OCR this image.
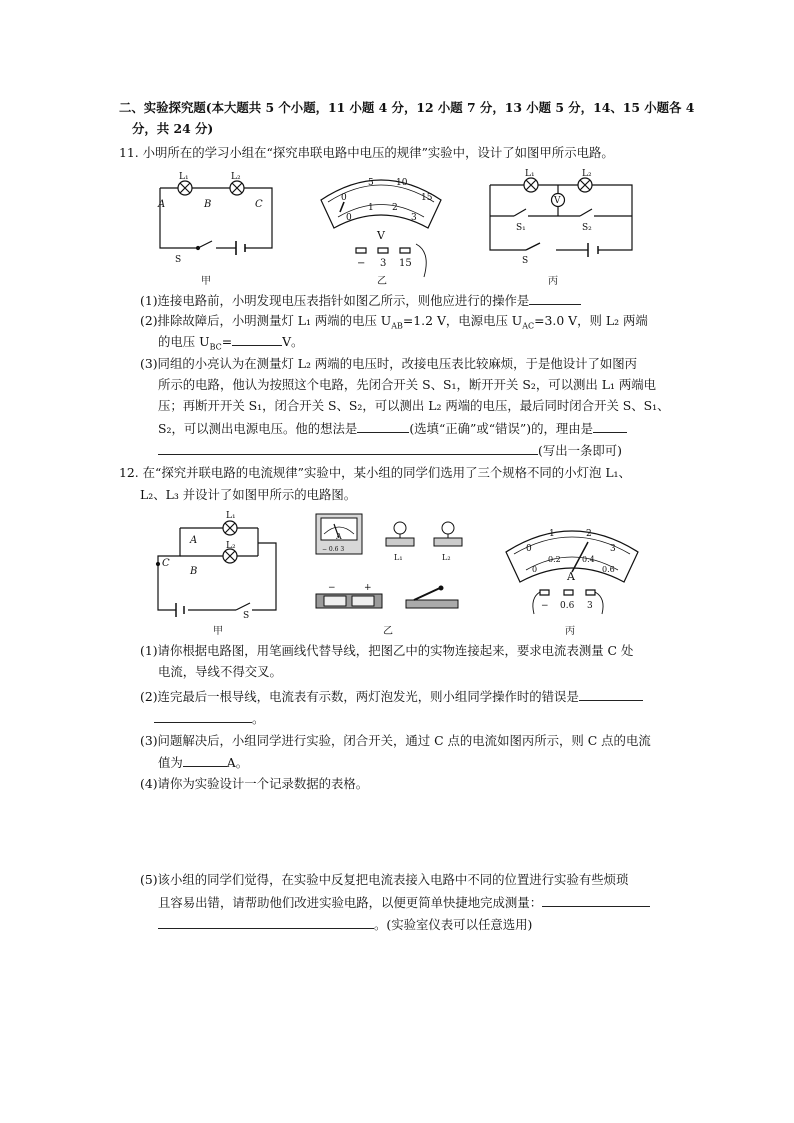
二、实验探究题(本大题共 5 个小题，11 小题 4 分，12 小题 7 分，13 小题 5 分，14、15 小题各 4
分，共 24 分)
11. 小明所在的学习小组在“探究串联电路中电压的规律”实验中，设计了如图甲所示电路。
L₁	L₂
A	B	C
S
甲
0
5 10
15
0
1 2
3
V
− 3 15
乙
L₁	L₂
V
S₁	S₂
S
丙
(1)连接电路前，小明发现电压表指针如图乙所示，则他应进行的操作是
(2)排除故障后，小明测量灯 L₁ 两端的电压 $U_{AB}=1.2$ V，电源电压 $U_{AC}=3.0$ V，则 L₂ 两端
的电压 $U_{BC}=$	V。
(3)同组的小亮认为在测量灯 L₂ 两端的电压时，改接电压表比较麻烦，于是他设计了如图丙
所示的电路，他认为按照这个电路，先闭合开关 S、S₁，断开开关 S₂，可以测出 L₁ 两端电
压；再断开开关 S₁，闭合开关 S、S₂，可以测出 L₂ 两端的电压，最后同时闭合开关 S、S₁、
S₂，可以测出电源电压。他的想法是	(选填“正确”或“错误”)的，理由是
(写出一条即可)
12. 在“探究并联电路的电流规律”实验中，某小组的同学们选用了三个规格不同的小灯泡 L₁、
L₂、L₃ 并设计了如图甲所示的电路图。
L₁
L₂
A
B
C
S
甲
A
− 0.6 3
L₁	L₂
−	+
乙
0
1	2
3
0
0.2	0.4
0.6
A
− 0.6 3
丙
(1)请你根据电路图，用笔画线代替导线，把图乙中的实物连接起来，要求电流表测量 C 处
电流，导线不得交叉。
(2)连完最后一根导线，电流表有示数，两灯泡发光，则小组同学操作时的错误是
。
(3)问题解决后，小组同学进行实验，闭合开关，通过 C 点的电流如图丙所示，则 C 点的电流
值为	A。
(4)请你为实验设计一个记录数据的表格。
(5)该小组的同学们觉得，在实验中反复把电流表接入电路中不同的位置进行实验有些烦琐
且容易出错，请帮助他们改进实验电路，以便更简单快捷地完成测量：
。(实验室仪表可以任意选用)
